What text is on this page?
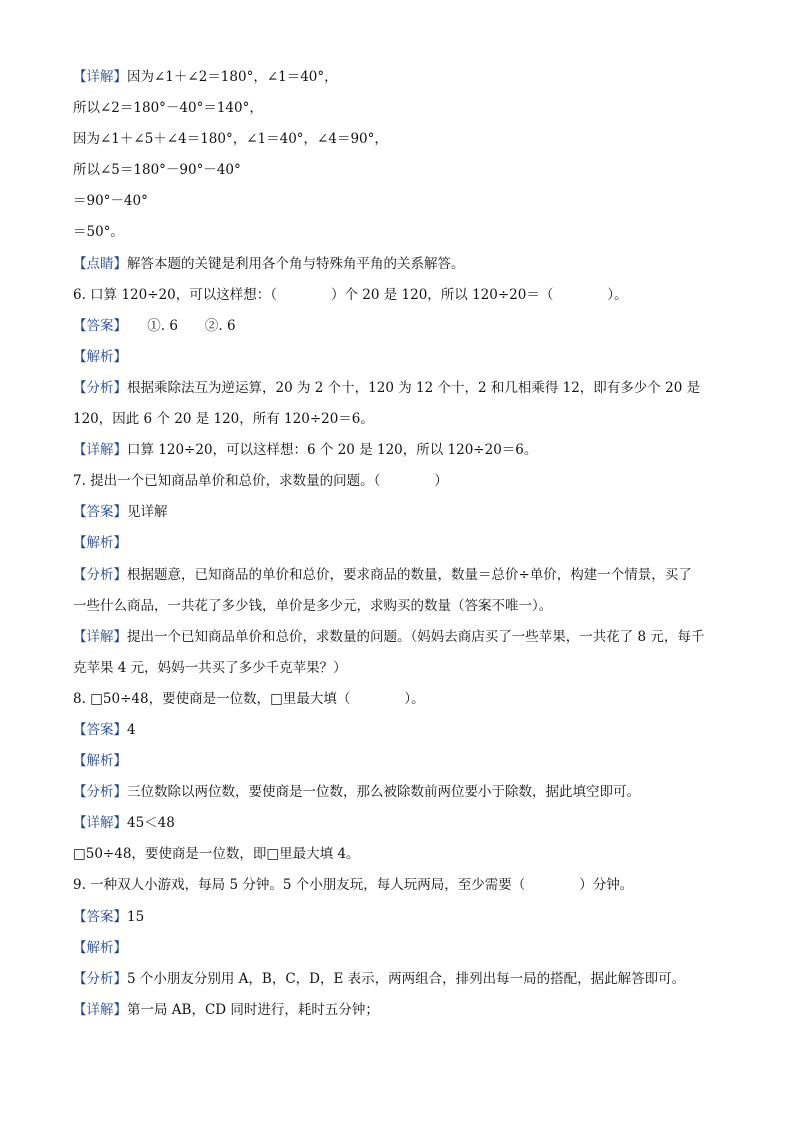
【详解】因为∠1＋∠2＝180°，∠1＝40°，
所以∠2＝180°－40°＝140°，
因为∠1＋∠5＋∠4＝180°，∠1＝40°，∠4＝90°，
所以∠5＝180°－90°－40°
＝90°－40°
＝50°。
【点睛】解答本题的关键是利用各个角与特殊角平角的关系解答。
6. 口算 120÷20，可以这样想：（　　　　）个 20 是 120，所以 120÷20＝（　　　　）。
【答案】　　①. 6　　②. 6
【解析】
【分析】根据乘除法互为逆运算，20 为 2 个十，120 为 12 个十，2 和几相乘得 12，即有多少个 20 是
120，因此 6 个 20 是 120，所有 120÷20＝6。
【详解】口算 120÷20，可以这样想：6 个 20 是 120，所以 120÷20＝6。
7. 提出一个已知商品单价和总价，求数量的问题。（　　　　）
【答案】见详解
【解析】
【分析】根据题意，已知商品的单价和总价，要求商品的数量，数量＝总价÷单价，构建一个情景，买了
一些什么商品，一共花了多少钱，单价是多少元，求购买的数量（答案不唯一）。
【详解】提出一个已知商品单价和总价，求数量的问题。（妈妈去商店买了一些苹果，一共花了 8 元，每千
克苹果 4 元，妈妈一共买了多少千克苹果？）
8. □50÷48，要使商是一位数，□里最大填（　　　　）。
【答案】4
【解析】
【分析】三位数除以两位数，要使商是一位数，那么被除数前两位要小于除数，据此填空即可。
【详解】45＜48
□50÷48，要使商是一位数，即□里最大填 4。
9. 一种双人小游戏，每局 5 分钟。5 个小朋友玩，每人玩两局，至少需要（　　　　）分钟。
【答案】15
【解析】
【分析】5 个小朋友分别用 A，B，C，D，E 表示，两两组合，排列出每一局的搭配，据此解答即可。
【详解】第一局 AB，CD 同时进行，耗时五分钟；
